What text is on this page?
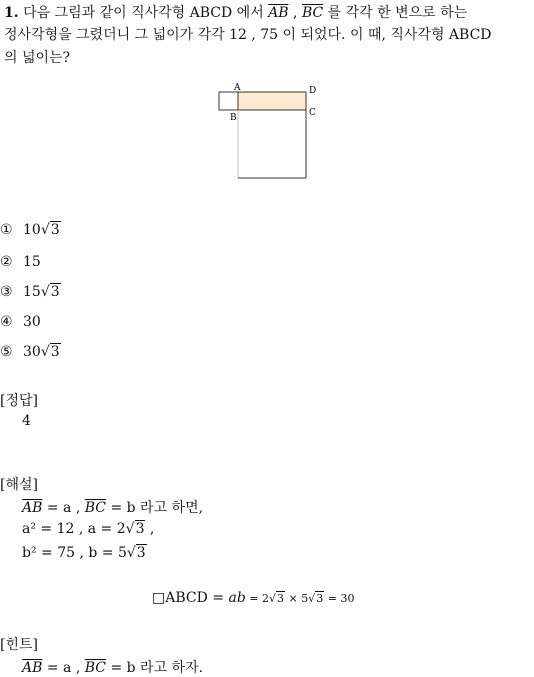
1. 다음 그림과 같이 직사각형 ABCD 에서 $\overline{AB}$ , $\overline{BC}$ 를 각각 한 변으로 하는
정사각형을 그렸더니 그 넓이가 각각 12 , 75 이 되었다. 이 때, 직사각형 ABCD
의 넓이는?
A
B	C
D
① 10√3
② 15
③ 15√3
④ 30
⑤ 30√3
[정답]
4
[해설]
$\overline{AB} = a$ , $\overline{BC} = b$ 라고 하면,
a² = 12 , a = 2√3 ,
b² = 75 , b = 5√3
□ABCD = ab = 2√3 × 5√3 = 30
[힌트]
$\overline{AB} = a$ , $\overline{BC} = b$ 라고 하자.
